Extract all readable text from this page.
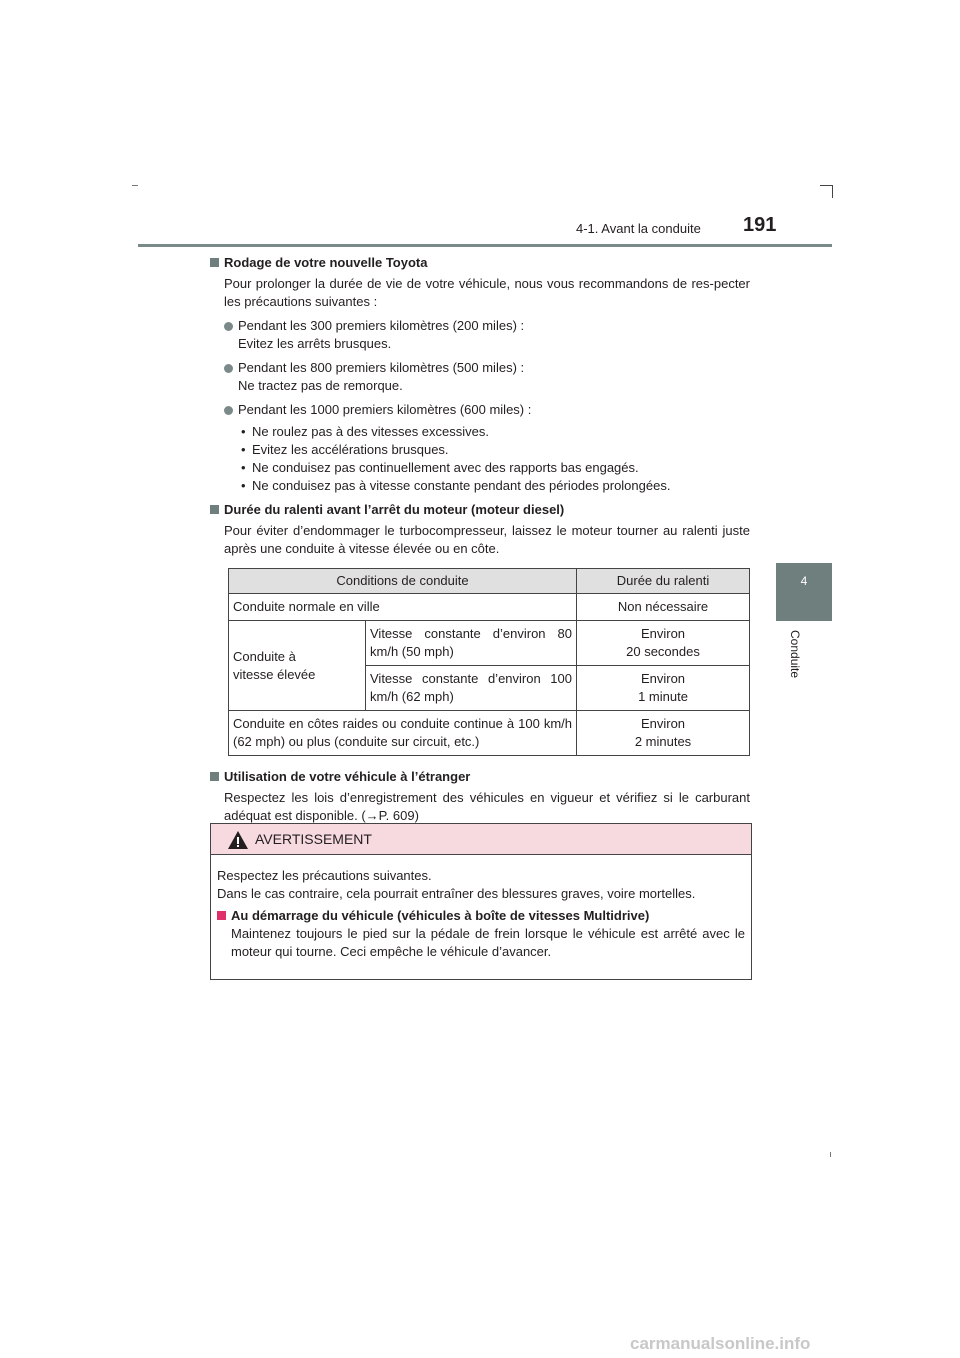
4-1. Avant la conduite 191
4
Conduite
Rodage de votre nouvelle Toyota
Pour prolonger la durée de vie de votre véhicule, nous vous recommandons de res-pecter les précautions suivantes :
Pendant les 300 premiers kilomètres (200 miles) :
Evitez les arrêts brusques.
Pendant les 800 premiers kilomètres (500 miles) :
Ne tractez pas de remorque.
Pendant les 1000 premiers kilomètres (600 miles) :
• Ne roulez pas à des vitesses excessives.
• Evitez les accélérations brusques.
• Ne conduisez pas continuellement avec des rapports bas engagés.
• Ne conduisez pas à vitesse constante pendant des périodes prolongées.
Durée du ralenti avant l’arrêt du moteur (moteur diesel)
Pour éviter d’endommager le turbocompresseur, laissez le moteur tourner au ralenti juste après une conduite à vitesse élevée ou en côte.
Conditions de conduite		Durée du ralenti
Conduite normale en ville		Non nécessaire
Conduite à
vitesse élevée	Vitesse constante d’environ 80 km/h (50 mph)	Environ
20 secondes
	Vitesse constante d’environ 100 km/h (62 mph)	Environ
1 minute
Conduite en côtes raides ou conduite continue à 100 km/h (62 mph) ou plus (conduite sur circuit, etc.)		Environ
2 minutes
Utilisation de votre véhicule à l’étranger
Respectez les lois d’enregistrement des véhicules en vigueur et vérifiez si le carburant adéquat est disponible. (→P. 609)
AVERTISSEMENT
Respectez les précautions suivantes.
Dans le cas contraire, cela pourrait entraîner des blessures graves, voire mortelles.
Au démarrage du véhicule (véhicules à boîte de vitesses Multidrive)
Maintenez toujours le pied sur la pédale de frein lorsque le véhicule est arrêté avec le moteur qui tourne. Ceci empêche le véhicule d’avancer.
carmanualsonline.info
